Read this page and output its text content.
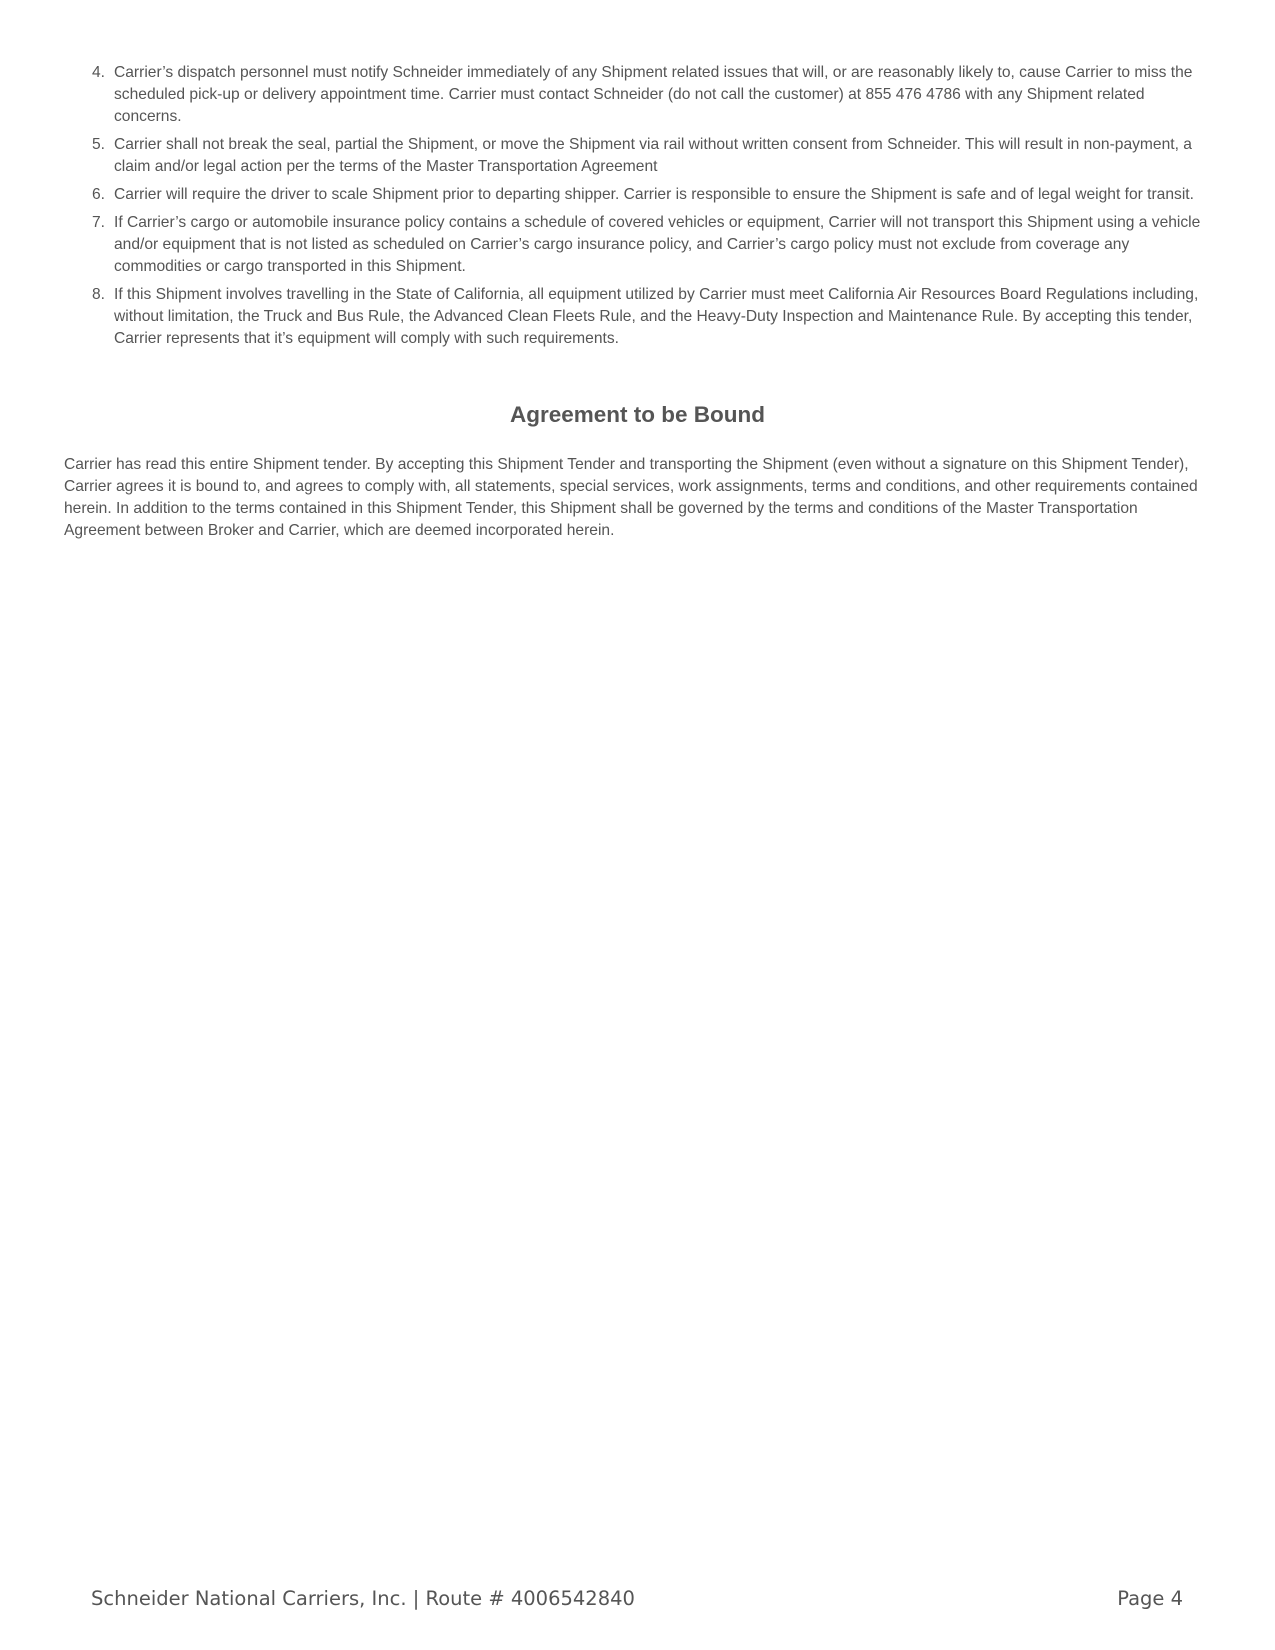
4. Carrier’s dispatch personnel must notify Schneider immediately of any Shipment related issues that will, or are reasonably likely to, cause Carrier to miss the scheduled pick-up or delivery appointment time. Carrier must contact Schneider (do not call the customer) at 855 476 4786 with any Shipment related concerns.
5. Carrier shall not break the seal, partial the Shipment, or move the Shipment via rail without written consent from Schneider. This will result in non-payment, a claim and/or legal action per the terms of the Master Transportation Agreement
6. Carrier will require the driver to scale Shipment prior to departing shipper. Carrier is responsible to ensure the Shipment is safe and of legal weight for transit.
7. If Carrier’s cargo or automobile insurance policy contains a schedule of covered vehicles or equipment, Carrier will not transport this Shipment using a vehicle and/or equipment that is not listed as scheduled on Carrier’s cargo insurance policy, and Carrier’s cargo policy must not exclude from coverage any commodities or cargo transported in this Shipment.
8. If this Shipment involves travelling in the State of California, all equipment utilized by Carrier must meet California Air Resources Board Regulations including, without limitation, the Truck and Bus Rule, the Advanced Clean Fleets Rule, and the Heavy-Duty Inspection and Maintenance Rule. By accepting this tender, Carrier represents that it’s equipment will comply with such requirements.
Agreement to be Bound

Carrier has read this entire Shipment tender. By accepting this Shipment Tender and transporting the Shipment (even without a signature on this Shipment Tender), Carrier agrees it is bound to, and agrees to comply with, all statements, special services, work assignments, terms and conditions, and other requirements contained herein. In addition to the terms contained in this Shipment Tender, this Shipment shall be governed by the terms and conditions of the Master Transportation Agreement between Broker and Carrier, which are deemed incorporated herein.

Schneider National Carriers, Inc. | Route # 4006542840	Page 4
